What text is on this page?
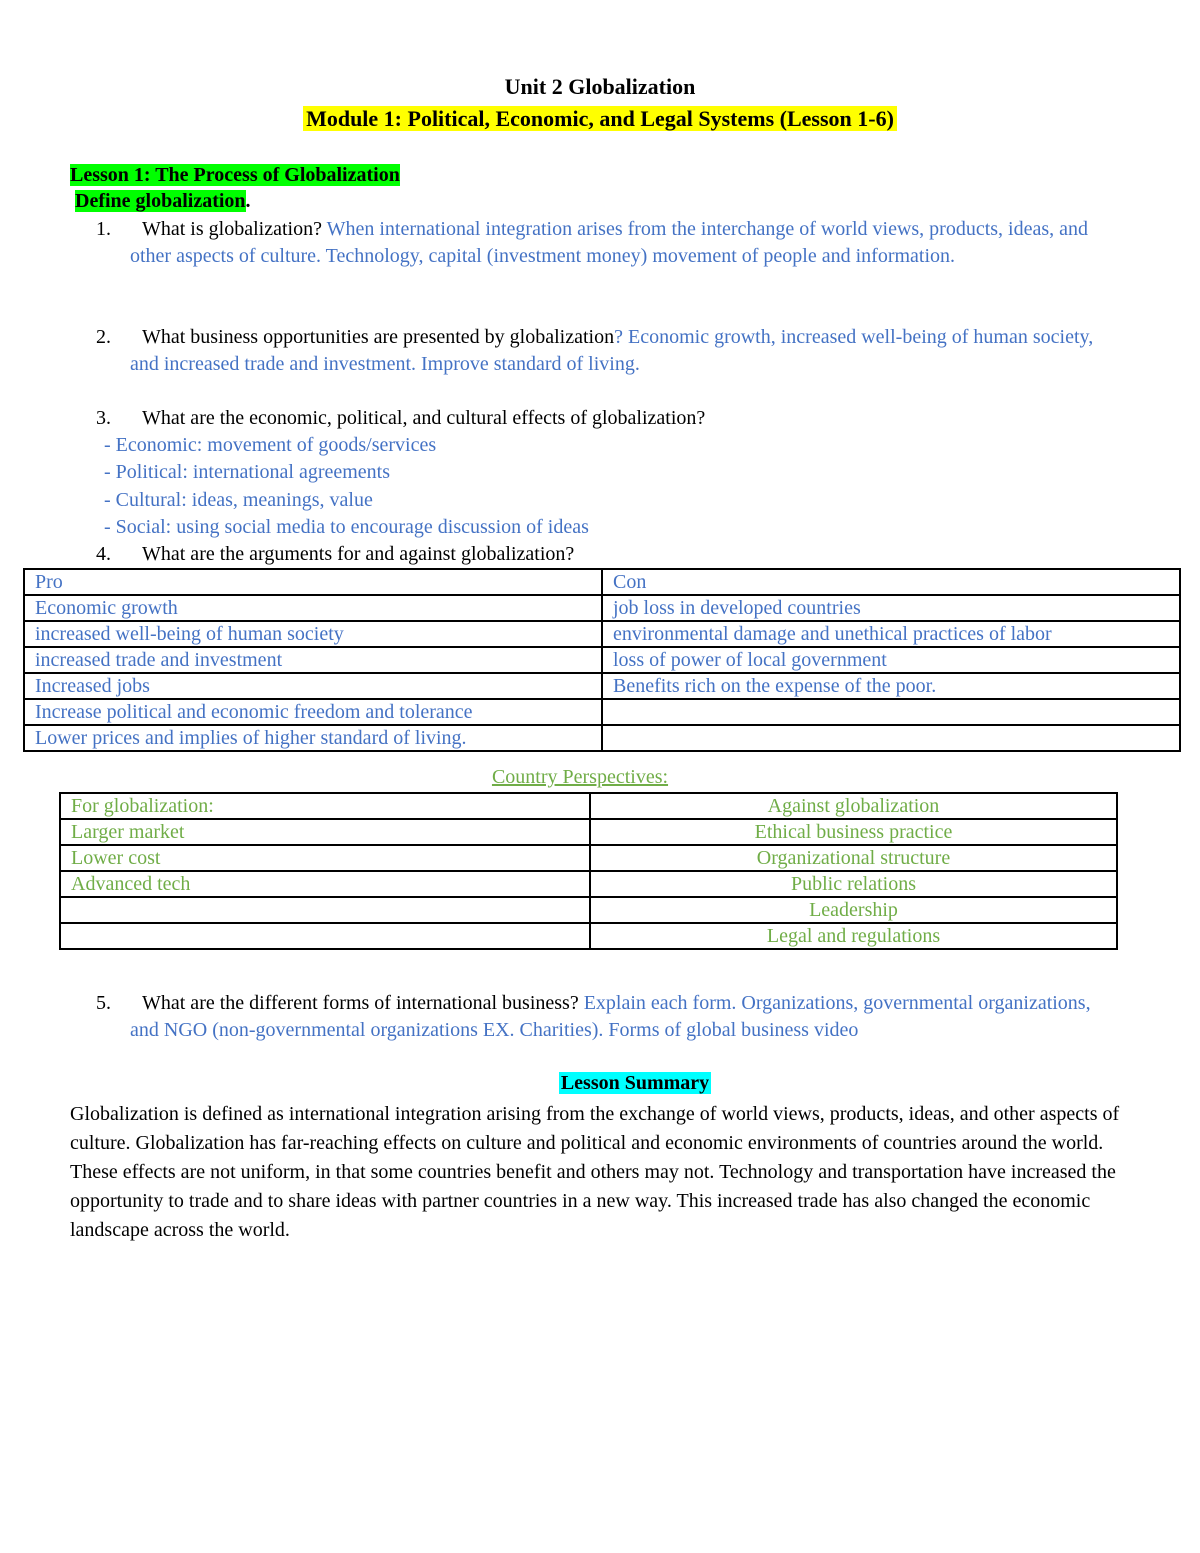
Unit 2 Globalization
Module 1: Political, Economic, and Legal Systems (Lesson 1-6)
Lesson 1: The Process of Globalization
Define globalization.
1.	What is globalization? When international integration arises from the interchange of world views, products, ideas, and other aspects of culture. Technology, capital (investment money) movement of people and information.
2.	What business opportunities are presented by globalization? Economic growth, increased well-being of human society, and increased trade and investment. Improve standard of living.
3.	What are the economic, political, and cultural effects of globalization?
- Economic: movement of goods/services
- Political: international agreements
- Cultural: ideas, meanings, value
- Social: using social media to encourage discussion of ideas
4.	What are the arguments for and against globalization?
Pro	Con
Economic growth	job loss in developed countries
increased well-being of human society	environmental damage and unethical practices of labor
increased trade and investment	loss of power of local government
Increased jobs	Benefits rich on the expense of the poor.
Increase political and economic freedom and tolerance	
Lower prices and implies of higher standard of living.	
Country Perspectives:
For globalization:	Against globalization
Larger market	Ethical business practice
Lower cost	Organizational structure
Advanced tech	Public relations
	Leadership
	Legal and regulations
5.	What are the different forms of international business? Explain each form. Organizations, governmental organizations, and NGO (non-governmental organizations EX. Charities). Forms of global business video
Lesson Summary
Globalization is defined as international integration arising from the exchange of world views, products, ideas, and other aspects of culture. Globalization has far-reaching effects on culture and political and economic environments of countries around the world. These effects are not uniform, in that some countries benefit and others may not. Technology and transportation have increased the opportunity to trade and to share ideas with partner countries in a new way. This increased trade has also changed the economic landscape across the world.
